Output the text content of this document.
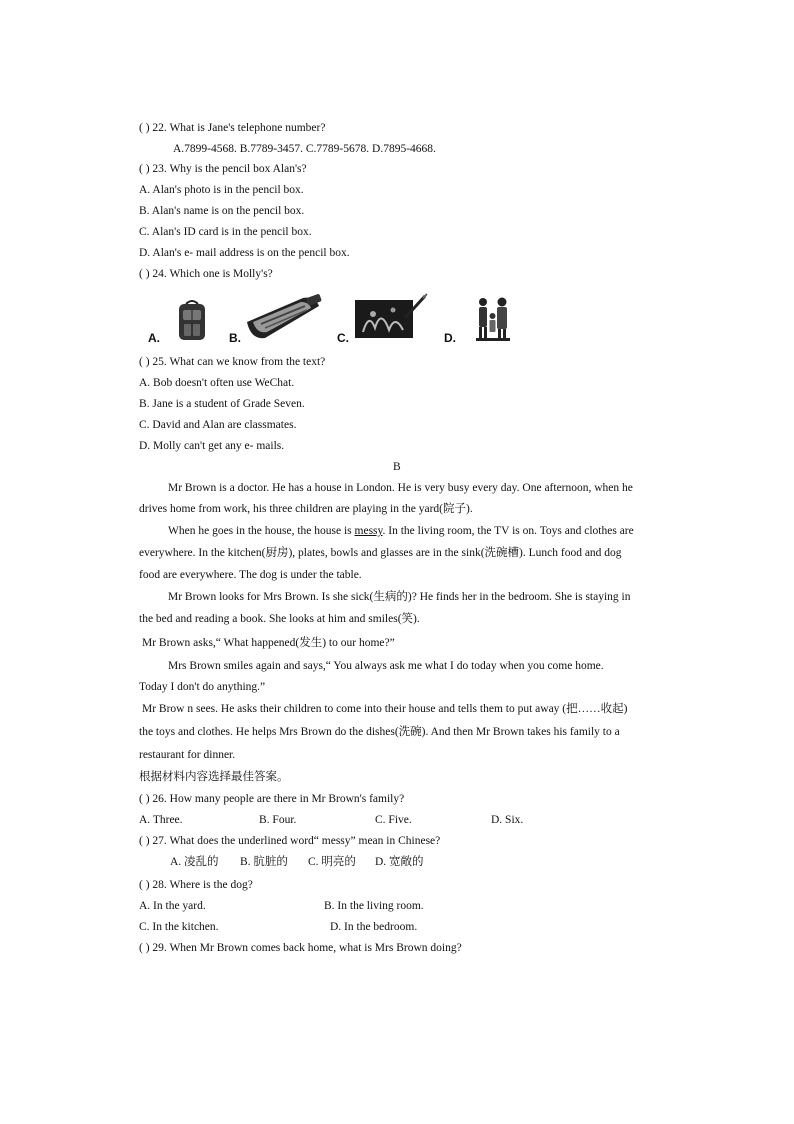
( ) 22. What is Jane's telephone number?
A.7899-4568. B.7789-3457. C.7789-5678. D.7895-4668.
( ) 23. Why is the pencil box Alan's?
A. Alan's photo is in the pencil box.
B. Alan's name is on the pencil box.
C. Alan's ID card is in the pencil box.
D. Alan's e- mail address is on the pencil box.
( ) 24. Which one is Molly's?
A.	B.	C.	D.
( ) 25. What can we know from the text?
A. Bob doesn't often use WeChat.
B. Jane is a student of Grade Seven.
C. David and Alan are classmates.
D. Molly can't get any e- mails.
B
Mr Brown is a doctor. He has a house in London. He is very busy every day. One afternoon, when he
drives home from work, his three children are playing in the yard(院子).
When he goes in the house, the house is messy. In the living room, the TV is on. Toys and clothes are
everywhere. In the kitchen(厨房), plates, bowls and glasses are in the sink(洗碗槽). Lunch food and dog
food are everywhere. The dog is under the table.
Mr Brown looks for Mrs Brown. Is she sick(生病的)? He finds her in the bedroom. She is staying in
the bed and reading a book. She looks at him and smiles(笑).
Mr Brown asks,“ What happened(发生) to our home?”
Mrs Brown smiles again and says,“ You always ask me what I do today when you come home.
Today I don't do anything.”
Mr Brow n sees. He asks their children to come into their house and tells them to put away (把……收起)
the toys and clothes. He helps Mrs Brown do the dishes(洗碗). And then Mr Brown takes his family to a
restaurant for dinner.
根据材料内容选择最佳答案。
( ) 26. How many people are there in Mr Brown's family?
A. Three.	B. Four.	C. Five.	D. Six.
( ) 27. What does the underlined word“ messy” mean in Chinese?
A. 凌乱的 B. 肮脏的 C. 明亮的 D. 宽敞的
( ) 28. Where is the dog?
A. In the yard.	B. In the living room.
C. In the kitchen.	D. In the bedroom.
( ) 29. When Mr Brown comes back home, what is Mrs Brown doing?
